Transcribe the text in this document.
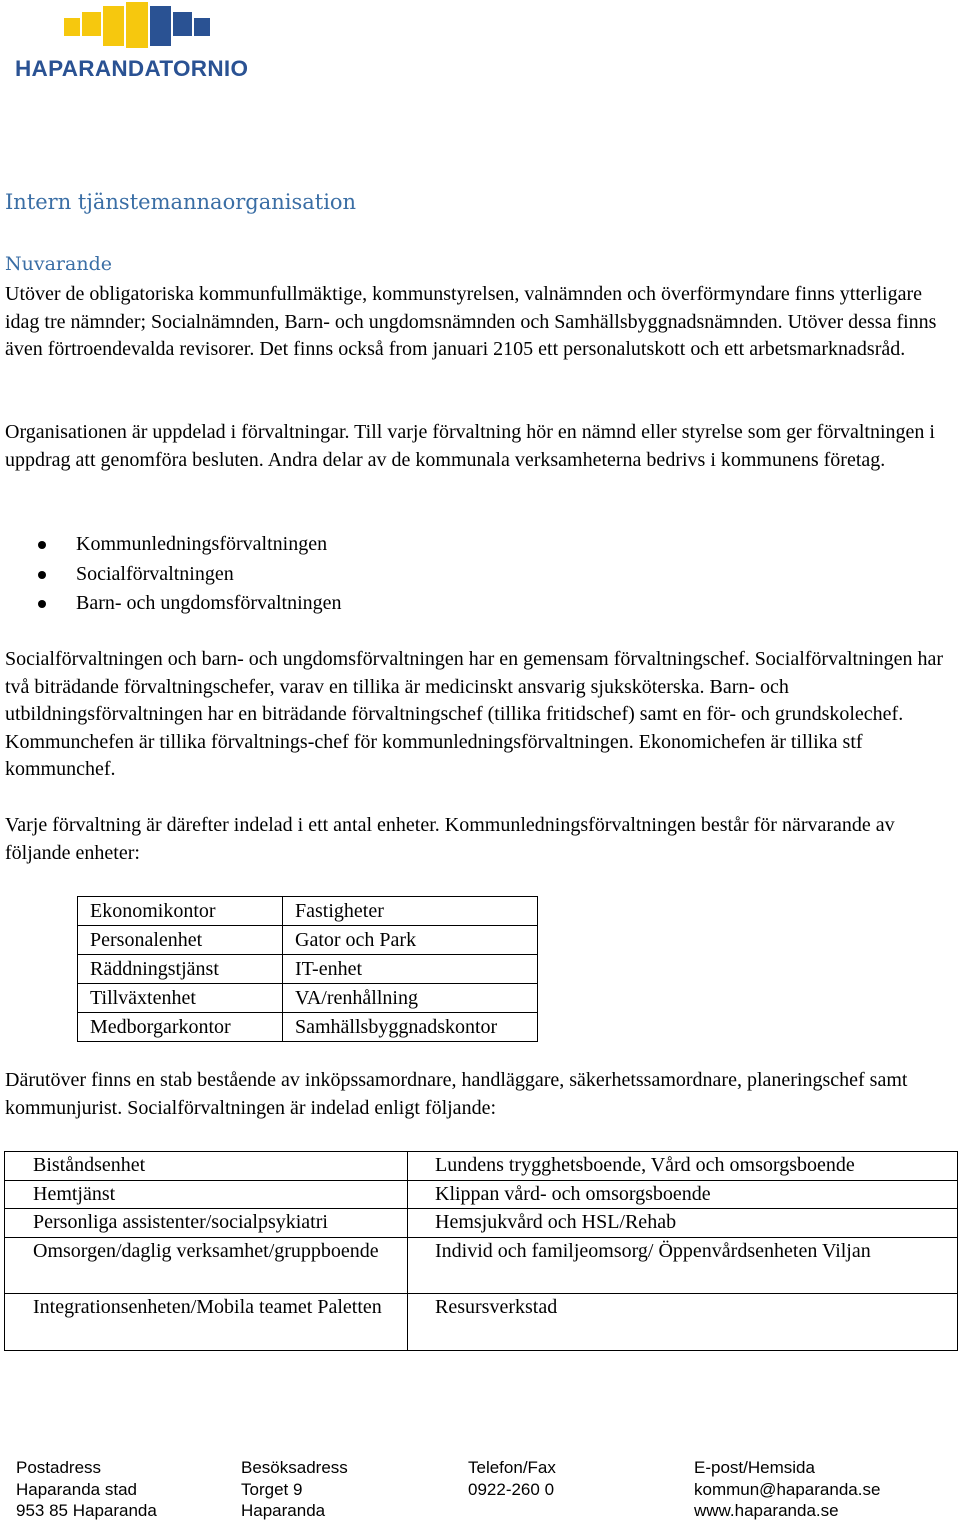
HAPARANDATORNIO
Intern tjänstemannaorganisation
Nuvarande

Utöver de obligatoriska kommunfullmäktige, kommunstyrelsen, valnämnden och överförmyndare finns ytterligare idag tre nämnder; Socialnämnden, Barn- och ungdomsnämnden och Samhällsbyggnadsnämnden. Utöver dessa finns även förtroendevalda revisorer. Det finns också from januari 2105 ett personalutskott och ett arbetsmarknadsråd.

Organisationen är uppdelad i förvaltningar. Till varje förvaltning hör en nämnd eller styrelse som ger förvaltningen i uppdrag att genomföra besluten. Andra delar av de kommunala verksamheterna bedrivs i kommunens företag.

Kommunledningsförvaltningen
Socialförvaltningen
Barn- och ungdomsförvaltningen

Socialförvaltningen och barn- och ungdomsförvaltningen har en gemensam förvaltningschef. Socialförvaltningen har två biträdande förvaltningschefer, varav en tillika är medicinskt ansvarig sjuksköterska. Barn- och utbildningsförvaltningen har en biträdande förvaltningschef (tillika fritidschef) samt en för- och grundskolechef. Kommunchefen är tillika förvaltnings-chef för kommunledningsförvaltningen. Ekonomichefen är tillika stf kommunchef.

Varje förvaltning är därefter indelad i ett antal enheter. Kommunledningsförvaltningen består för närvarande av följande enheter:

Ekonomikontor	Fastigheter
Personalenhet	Gator och Park
Räddningstjänst	IT-enhet
Tillväxtenhet	VA/renhållning
Medborgarkontor	Samhällsbyggnadskontor

Därutöver finns en stab bestående av inköpssamordnare, handläggare, säkerhetssamordnare, planeringschef samt kommunjurist. Socialförvaltningen är indelad enligt följande:

Biståndsenhet	Lundens trygghetsboende, Vård och omsorgsboende
Hemtjänst	Klippan vård- och omsorgsboende
Personliga assistenter/socialpsykiatri	Hemsjukvård och HSL/Rehab
Omsorgen/daglig verksamhet/gruppboende	Individ och familjeomsorg/ Öppenvårdsenheten Viljan
Integrationsenheten/Mobila teamet Paletten	Resursverkstad
Postadress
Haparanda stad
953 85 Haparanda
Besöksadress
Torget 9
Haparanda
Telefon/Fax
0922-260 0
E-post/Hemsida
kommun@haparanda.se
www.haparanda.se
